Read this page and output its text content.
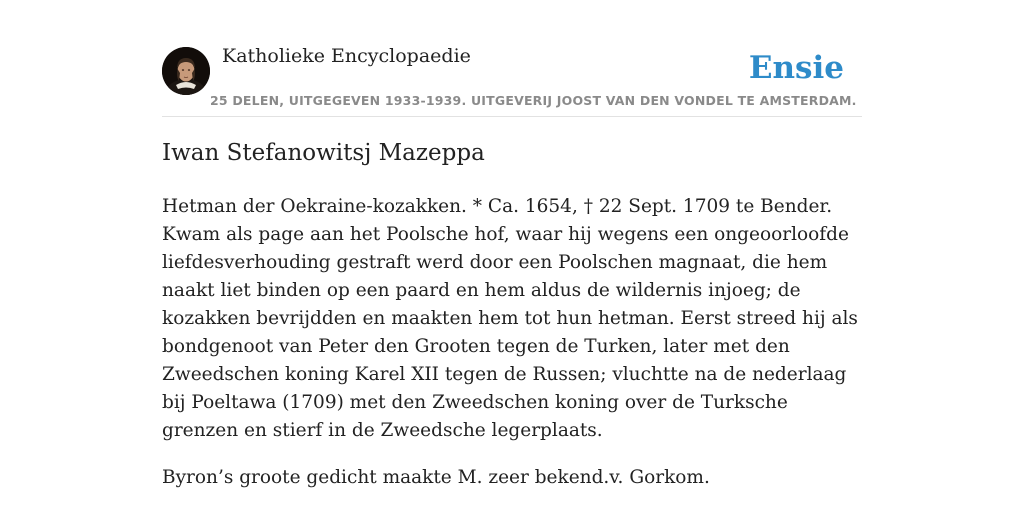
Katholieke Encyclopaedie
25 DELEN, UITGEGEVEN 1933-1939. UITGEVERIJ JOOST VAN DEN VONDEL TE AMSTERDAM.
Ensie
Iwan Stefanowitsj Mazeppa

Hetman der Oekraine-kozakken. * Ca. 1654, † 22 Sept. 1709 te Bender. Kwam als page aan het Poolsche hof, waar hij wegens een ongeoorloofde liefdesverhouding gestraft werd door een Poolschen magnaat, die hem naakt liet binden op een paard en hem aldus de wildernis injoeg; de kozakken bevrijdden en maakten hem tot hun hetman. Eerst streed hij als bondgenoot van Peter den Grooten tegen de Turken, later met den Zweedschen koning Karel XII tegen de Russen; vluchtte na de nederlaag bij Poeltawa (1709) met den Zweedschen koning over de Turksche grenzen en stierf in de Zweedsche legerplaats.

Byron’s groote gedicht maakte M. zeer bekend.v. Gorkom.
